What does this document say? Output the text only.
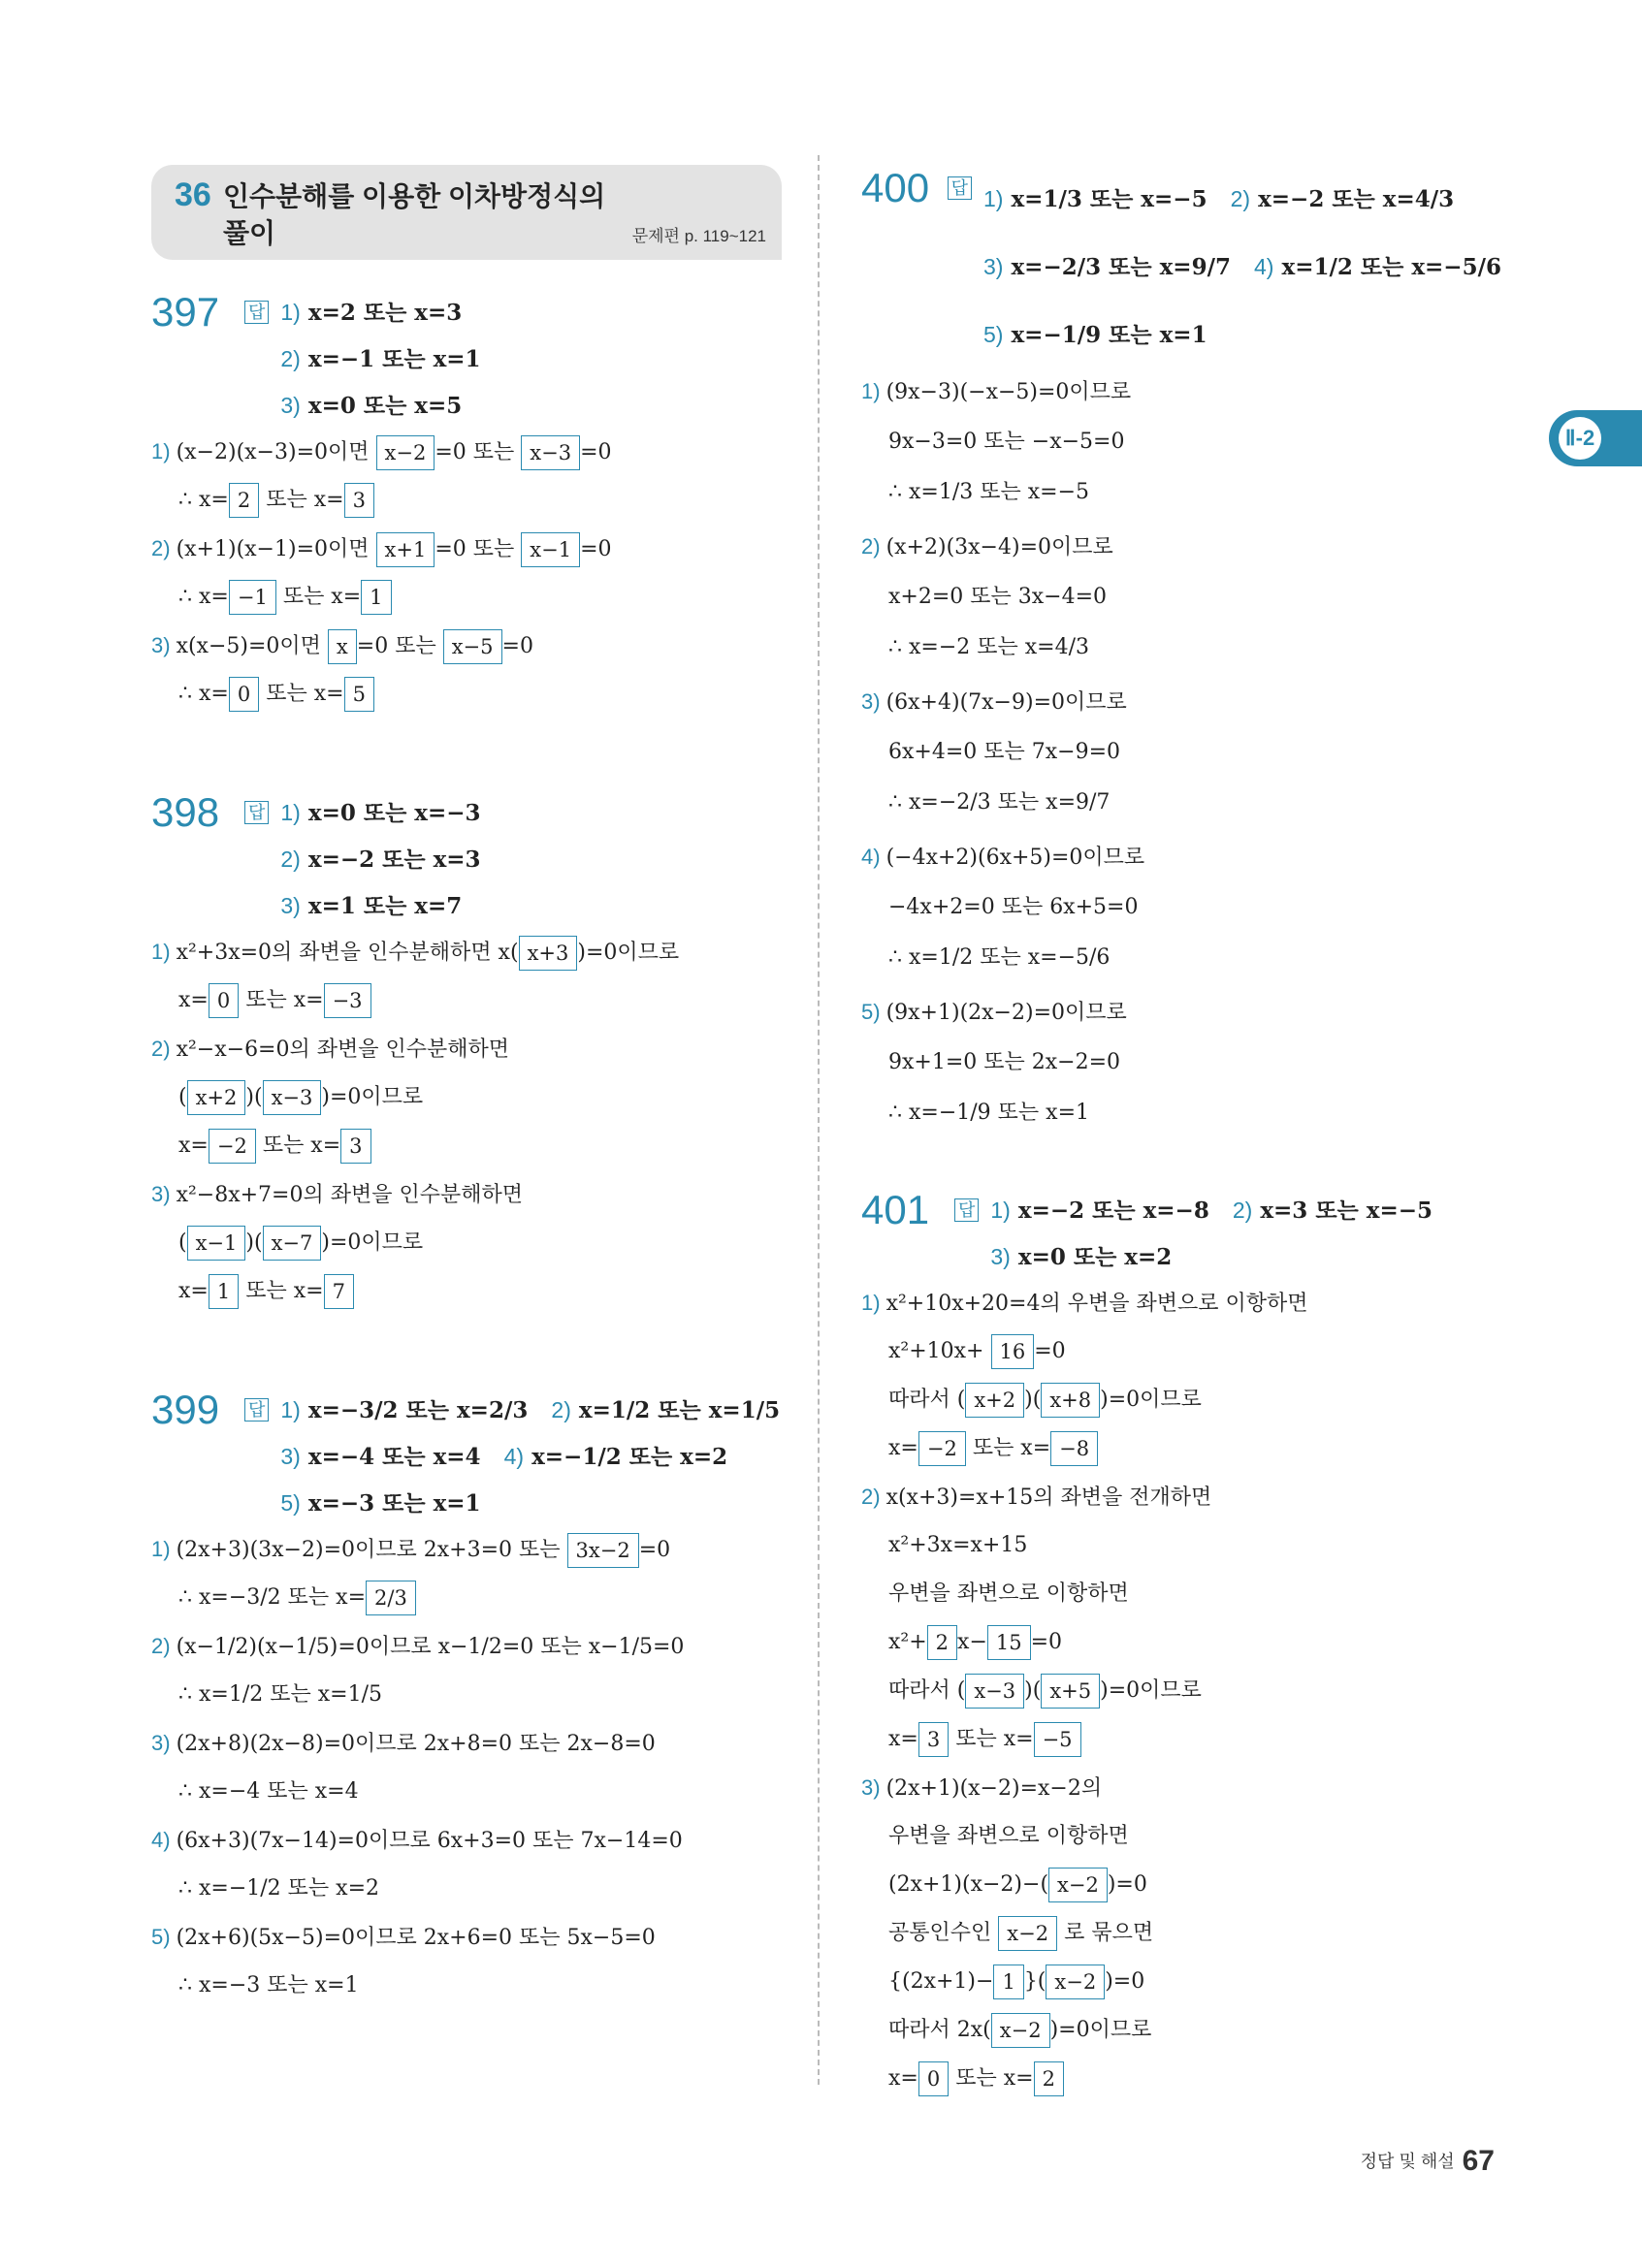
Ⅱ-2
36 인수분해를 이용한 이차방정식의
풀이	문제편 p. 119~121
397	답 1) x=2 또는 x=3
2) x=−1 또는 x=1
3) x=0 또는 x=5
1) (x−2)(x−3)=0이면 x−2 =0 또는 x−3 =0
∴ x= 2 또는 x= 3
2) (x+1)(x−1)=0이면 x+1 =0 또는 x−1 =0
∴ x= −1 또는 x= 1
3) x(x−5)=0이면 x =0 또는 x−5 =0
∴ x= 0 또는 x= 5
398	답 1) x=0 또는 x=−3
2) x=−2 또는 x=3
3) x=1 또는 x=7
1) x²+3x=0의 좌변을 인수분해하면 x( x+3 )=0이므로
x= 0 또는 x= −3
2) x²−x−6=0의 좌변을 인수분해하면
( x+2 )( x−3 )=0이므로
x= −2 또는 x= 3
3) x²−8x+7=0의 좌변을 인수분해하면
( x−1 )( x−7 )=0이므로
x= 1 또는 x= 7
399	답 1) x=−3/2 또는 x=2/3 2) x=1/2 또는 x=1/5
3) x=−4 또는 x=4 4) x=−1/2 또는 x=2
5) x=−3 또는 x=1
1) (2x+3)(3x−2)=0이므로 2x+3=0 또는 3x−2 =0
∴ x=−3/2 또는 x= 2/3
2) (x−1/2)(x−1/5)=0이므로 x−1/2=0 또는 x−1/5=0
∴ x=1/2 또는 x=1/5
3) (2x+8)(2x−8)=0이므로 2x+8=0 또는 2x−8=0
∴ x=−4 또는 x=4
4) (6x+3)(7x−14)=0이므로 6x+3=0 또는 7x−14=0
∴ x=−1/2 또는 x=2
5) (2x+6)(5x−5)=0이므로 2x+6=0 또는 5x−5=0
∴ x=−3 또는 x=1
400	답 1) x=1/3 또는 x=−5 2) x=−2 또는 x=4/3
3) x=−2/3 또는 x=9/7 4) x=1/2 또는 x=−5/6
5) x=−1/9 또는 x=1
1) (9x−3)(−x−5)=0이므로
9x−3=0 또는 −x−5=0
∴ x=1/3 또는 x=−5
2) (x+2)(3x−4)=0이므로
x+2=0 또는 3x−4=0
∴ x=−2 또는 x=4/3
3) (6x+4)(7x−9)=0이므로
6x+4=0 또는 7x−9=0
∴ x=−2/3 또는 x=9/7
4) (−4x+2)(6x+5)=0이므로
−4x+2=0 또는 6x+5=0
∴ x=1/2 또는 x=−5/6
5) (9x+1)(2x−2)=0이므로
9x+1=0 또는 2x−2=0
∴ x=−1/9 또는 x=1
401	답 1) x=−2 또는 x=−8 2) x=3 또는 x=−5
3) x=0 또는 x=2
1) x²+10x+20=4의 우변을 좌변으로 이항하면
x²+10x+ 16 =0
따라서 ( x+2 )( x+8 )=0이므로
x= −2 또는 x= −8
2) x(x+3)=x+15의 좌변을 전개하면
x²+3x=x+15
우변을 좌변으로 이항하면
x²+ 2 x− 15 =0
따라서 ( x−3 )( x+5 )=0이므로
x= 3 또는 x= −5
3) (2x+1)(x−2)=x−2의
우변을 좌변으로 이항하면
(2x+1)(x−2)−( x−2 )=0
공통인수인 x−2 로 묶으면
{(2x+1)− 1 }( x−2 )=0
따라서 2x( x−2 )=0이므로
x= 0 또는 x= 2
정답 및 해설 67
